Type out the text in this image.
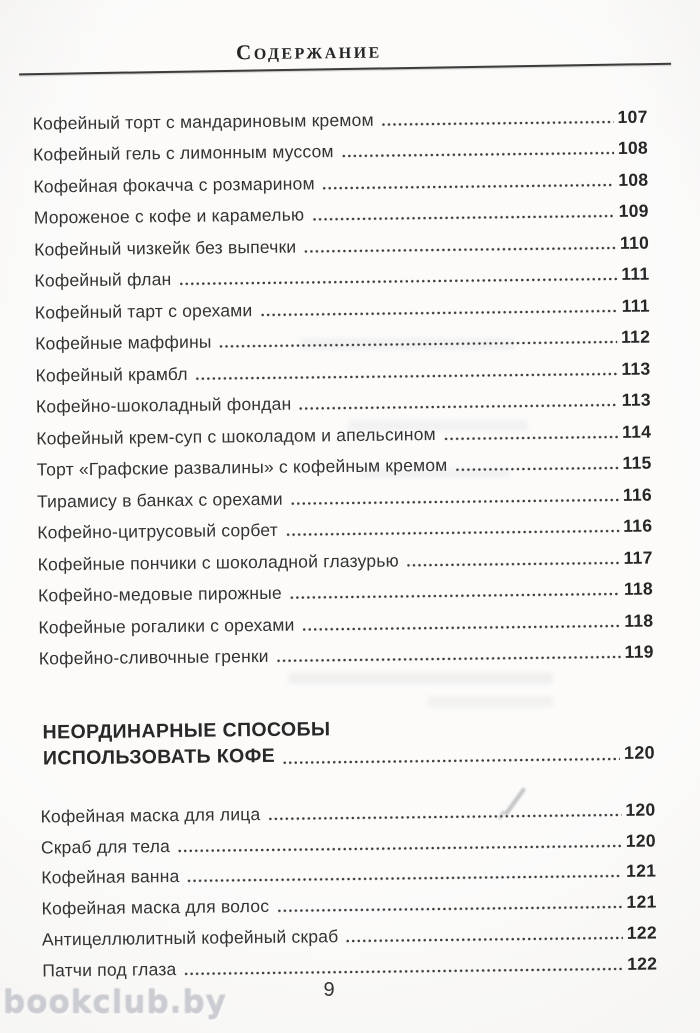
СОДЕРЖАНИЕ
Кофейный торт с мандариновым кремом	107
Кофейный гель с лимонным муссом	108
Кофейная фокачча с розмарином	108
Мороженое с кофе и карамелью	109
Кофейный чизкейк без выпечки	110
Кофейный флан	111
Кофейный тарт с орехами	111
Кофейные маффины	112
Кофейный крамбл	113
Кофейно-шоколадный фондан	113
Кофейный крем-суп с шоколадом и апельсином	114
Торт «Графские развалины» с кофейным кремом	115
Тирамису в банках с орехами	116
Кофейно-цитрусовый сорбет	116
Кофейные пончики с шоколадной глазурью	117
Кофейно-медовые пирожные	118
Кофейные рогалики с орехами	118
Кофейно-сливочные гренки	119
НЕОРДИНАРНЫЕ СПОСОБЫ
ИСПОЛЬЗОВАТЬ КОФЕ	120
Кофейная маска для лица	120
Скраб для тела	120
Кофейная ванна	121
Кофейная маска для волос	121
Антицеллюлитный кофейный скраб	122
Патчи под глаза	122
9
bookclub.by
